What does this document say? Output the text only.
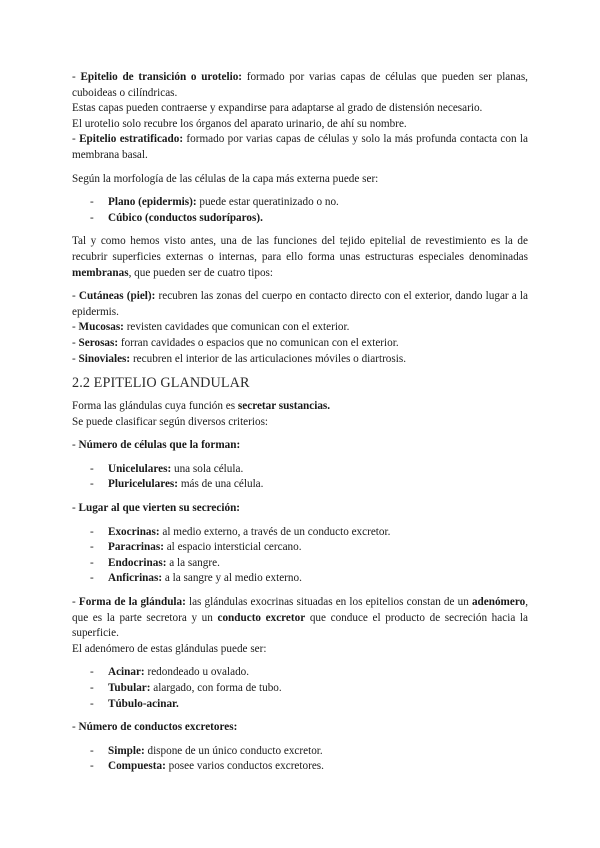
- Epitelio de transición o urotelio: formado por varias capas de células que pueden ser planas, cuboideas o cilíndricas.

Estas capas pueden contraerse y expandirse para adaptarse al grado de distensión necesario.

El urotelio solo recubre los órganos del aparato urinario, de ahí su nombre.

- Epitelio estratificado: formado por varias capas de células y solo la más profunda contacta con la membrana basal.

Según la morfología de las células de la capa más externa puede ser:

- Plano (epidermis): puede estar queratinizado o no.
- Cúbico (conductos sudoríparos).

Tal y como hemos visto antes, una de las funciones del tejido epitelial de revestimiento es la de recubrir superficies externas o internas, para ello forma unas estructuras especiales denominadas membranas, que pueden ser de cuatro tipos:

- Cutáneas (piel): recubren las zonas del cuerpo en contacto directo con el exterior, dando lugar a la epidermis.

- Mucosas: revisten cavidades que comunican con el exterior.

- Serosas: forran cavidades o espacios que no comunican con el exterior.

- Sinoviales: recubren el interior de las articulaciones móviles o diartrosis.

2.2 EPITELIO GLANDULAR

Forma las glándulas cuya función es secretar sustancias.

Se puede clasificar según diversos criterios:

- Número de células que la forman:

- Unicelulares: una sola célula.
- Pluricelulares: más de una célula.

- Lugar al que vierten su secreción:

- Exocrinas: al medio externo, a través de un conducto excretor.
- Paracrinas: al espacio intersticial cercano.
- Endocrinas: a la sangre.
- Anficrinas: a la sangre y al medio externo.

- Forma de la glándula: las glándulas exocrinas situadas en los epitelios constan de un adenómero, que es la parte secretora y un conducto excretor que conduce el producto de secreción hacia la superficie.

El adenómero de estas glándulas puede ser:

- Acinar: redondeado u ovalado.
- Tubular: alargado, con forma de tubo.
- Túbulo-acinar.

- Número de conductos excretores:

- Simple: dispone de un único conducto excretor.
- Compuesta: posee varios conductos excretores.
